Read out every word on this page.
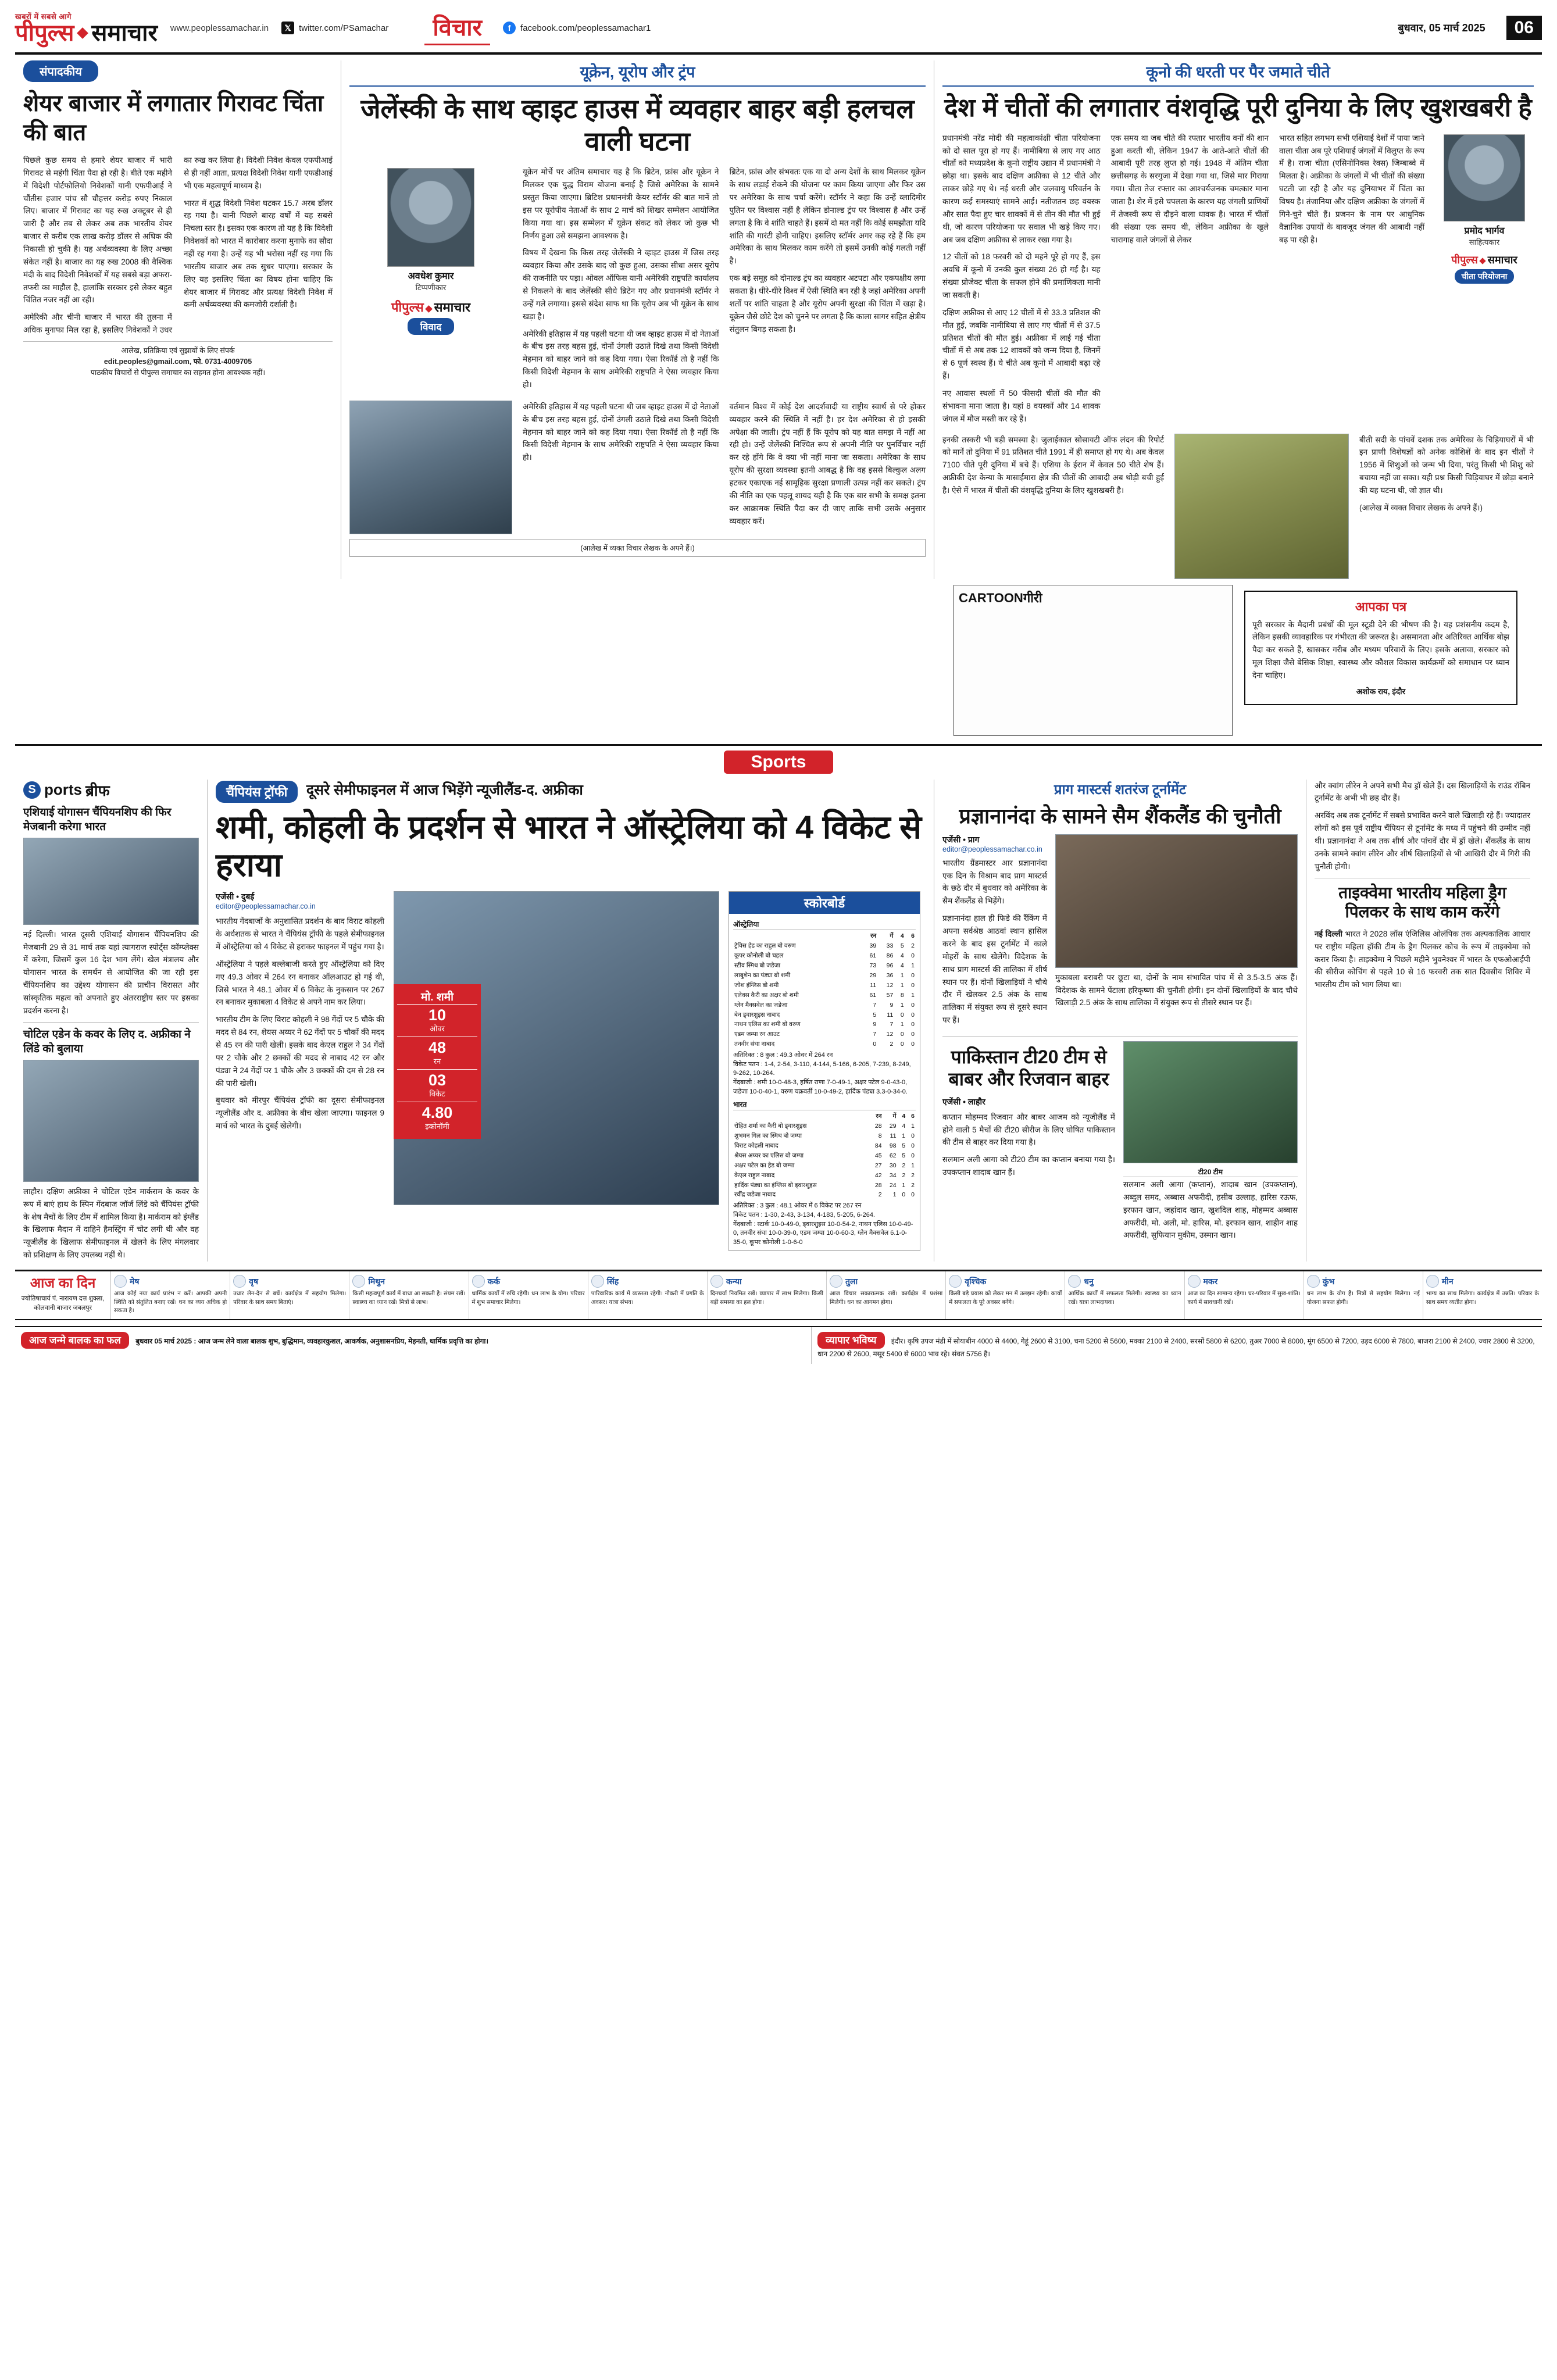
खबरों में सबसे आगे
पीपुल्स समाचार www.peoplessamachar.in	𝕏 twitter.com/PSamachar	विचार	f	facebook.com/peoplessamachar1	बुधवार, 05 मार्च 2025	06
संपादकीय
शेयर बाजार में लगातार गिरावट चिंता की बात

पिछले कुछ समय से हमारे शेयर बाजार में भारी गिरावट से महंगी चिंता पैदा हो रही है। बीते एक महीने में विदेशी पोर्टफोलियो निवेशकों यानी एफपीआई ने चौंतीस हजार पांच सौ चौहत्तर करोड़ रुपए निकाल लिए। बाजार में गिरावट का यह रुख अक्टूबर से ही जारी है और तब से लेकर अब तक भारतीय शेयर बाजार से करीब एक लाख करोड़ डॉलर से अधिक की निकासी हो चुकी है। यह अर्थव्यवस्था के लिए अच्छा संकेत नहीं है। बाजार का यह रुख 2008 की वैश्विक मंदी के बाद विदेशी निवेशकों में यह सबसे बड़ा अफरा-तफरी का माहौल है, हालांकि सरकार इसे लेकर बहुत चिंतित नजर नहीं आ रही।

अमेरिकी और चीनी बाजार में भारत की तुलना में अधिक मुनाफा मिल रहा है, इसलिए निवेशकों ने उधर का रुख कर लिया है। विदेशी निवेश केवल एफपीआई से ही नहीं आता, प्रत्यक्ष विदेशी निवेश यानी एफडीआई भी एक महत्वपूर्ण माध्यम है।

भारत में शुद्ध विदेशी निवेश घटकर 15.7 अरब डॉलर रह गया है। यानी पिछले बारह वर्षों में यह सबसे निचला स्तर है। इसका एक कारण तो यह है कि विदेशी निवेशकों को भारत में कारोबार करना मुनाफे का सौदा नहीं रह गया है। उन्हें यह भी भरोसा नहीं रह गया कि भारतीय बाजार अब तक सुधर पाएगा। सरकार के लिए यह इसलिए चिंता का विषय होना चाहिए कि शेयर बाजार में गिरावट और प्रत्यक्ष विदेशी निवेश में कमी अर्थव्यवस्था की कमजोरी दर्शाती है।

आलेख, प्रतिक्रिया एवं सुझावों के लिए संपर्क
edit.peoples@gmail.com, फो. 0731-4009705
पाठकीय विचारों से पीपुल्स समाचार का सहमत होना आवश्यक नहीं।
यूक्रेन, यूरोप और ट्रंप
जेलेंस्की के साथ व्हाइट हाउस में व्यवहार बाहर बड़ी हलचल वाली घटना
अवधेश कुमार
टिप्पणीकार
पीपुल्स समाचार
विवाद

यूक्रेन मोर्चे पर अंतिम समाचार यह है कि ब्रिटेन, फ्रांस और यूक्रेन ने मिलकर एक युद्ध विराम योजना बनाई है जिसे अमेरिका के सामने प्रस्तुत किया जाएगा। ब्रिटिश प्रधानमंत्री केयर स्टॉर्मर की बात मानें तो इस पर यूरोपीय नेताओं के साथ 2 मार्च को शिखर सम्मेलन आयोजित किया गया था। इस सम्मेलन में यूक्रेन संकट को लेकर जो कुछ भी निर्णय हुआ उसे समझना आवश्यक है।

विषय में देखना कि किस तरह जेलेंस्की ने व्हाइट हाउस में जिस तरह व्यवहार किया और उसके बाद जो कुछ हुआ, उसका सीधा असर यूरोप की राजनीति पर पड़ा। ओवल ऑफिस यानी अमेरिकी राष्ट्रपति कार्यालय से निकलने के बाद जेलेंस्की सीधे ब्रिटेन गए और प्रधानमंत्री स्टॉर्मर ने उन्हें गले लगाया। इससे संदेश साफ था कि यूरोप अब भी यूक्रेन के साथ खड़ा है।

अमेरिकी इतिहास में यह पहली घटना थी जब व्हाइट हाउस में दो नेताओं के बीच इस तरह बहस हुई, दोनों उंगली उठाते दिखे तथा किसी विदेशी मेहमान को बाहर जाने को कह दिया गया। ऐसा रिकॉर्ड तो है नहीं कि किसी विदेशी मेहमान के साथ अमेरिकी राष्ट्रपति ने ऐसा व्यवहार किया हो।

ब्रिटेन, फ्रांस और संभवतः एक या दो अन्य देशों के साथ मिलकर यूक्रेन के साथ लड़ाई रोकने की योजना पर काम किया जाएगा और फिर उस पर अमेरिका के साथ चर्चा करेंगे। स्टॉर्मर ने कहा कि उन्हें व्लादिमीर पुतिन पर विश्वास नहीं है लेकिन डोनाल्ड ट्रंप पर विश्वास है और उन्हें लगता है कि वे शांति चाहते हैं। इसमें दो मत नहीं कि कोई समझौता यदि शांति की गारंटी होनी चाहिए। इसलिए स्टॉर्मर अगर कह रहे हैं कि हम अमेरिका के साथ मिलकर काम करेंगे तो इसमें उनकी कोई गलती नहीं है।

एक बड़े समूह को दोनाल्ड ट्रंप का व्यवहार अटपटा और एकपक्षीय लगा सकता है। धीरे-धीरे विश्व में ऐसी स्थिति बन रही है जहां अमेरिका अपनी शर्तों पर शांति चाहता है और यूरोप अपनी सुरक्षा की चिंता में खड़ा है। यूक्रेन जैसे छोटे देश को चुनने पर लगता है कि काला सागर सहित क्षेत्रीय संतुलन बिगड़ सकता है।

अमेरिकी इतिहास में यह पहली घटना थी जब व्हाइट हाउस में दो नेताओं के बीच इस तरह बहस हुई, दोनों उंगली उठाते दिखे तथा किसी विदेशी मेहमान को बाहर जाने को कह दिया गया। ऐसा रिकॉर्ड तो है नहीं कि किसी विदेशी मेहमान के साथ अमेरिकी राष्ट्रपति ने ऐसा व्यवहार किया हो।

वर्तमान विश्व में कोई देश आदर्शवादी या राष्ट्रीय स्वार्थ से परे होकर व्यवहार करने की स्थिति में नहीं है। हर देश अमेरिका से हो इसकी अपेक्षा की जाती। ट्रंप नहीं हैं कि यूरोप को यह बात समझ में नहीं आ रही हो। उन्हें जेलेंस्की निश्चित रूप से अपनी नीति पर पुनर्विचार नहीं कर रहे होंगे कि वे क्या भी नहीं माना जा सकता। अमेरिका के साथ यूरोप की सुरक्षा व्यवस्था इतनी आबद्ध है कि वह इससे बिल्कुल अलग हटकर एकाएक नई सामूहिक सुरक्षा प्रणाली उत्पन्न नहीं कर सकते। ट्रंप की नीति का एक पहलू शायद यही है कि एक बार सभी के समक्ष इतना कर आक्रामक स्थिति पैदा कर दी जाए ताकि सभी उसके अनुसार व्यवहार करें।

(आलेख में व्यक्त विचार लेखक के अपने हैं।)
कूनो की धरती पर पैर जमाते चीते
देश में चीतों की लगातार वंशवृद्धि पूरी दुनिया के लिए खुशखबरी है

प्रधानमंत्री नरेंद्र मोदी की महत्वाकांक्षी चीता परियोजना को दो साल पूरा हो गए हैं। नामीबिया से लाए गए आठ चीतों को मध्यप्रदेश के कूनो राष्ट्रीय उद्यान में प्रधानमंत्री ने छोड़ा था। इसके बाद दक्षिण अफ्रीका से 12 चीते और लाकर छोड़े गए थे। नई धरती और जलवायु परिवर्तन के कारण कई समस्याएं सामने आईं। नतीजतन छह वयस्क और सात पैदा हुए चार शावकों में से तीन की मौत भी हुई थी, जो कारण परियोजना पर सवाल भी खड़े किए गए। अब जब दक्षिण अफ्रीका से लाकर रखा गया है।

12 चीतों को 18 फरवरी को दो महने पूरे हो गए हैं, इस अवधि में कूनो में उनकी कुल संख्या 26 हो गई है। यह संख्या प्रोजेक्ट चीता के सफल होने की प्रमाणिकता मानी जा सकती है।

दक्षिण अफ्रीका से आए 12 चीतों में से 33.3 प्रतिशत की मौत हुई, जबकि नामीबिया से लाए गए चीतों में से 37.5 प्रतिशत चीतों की मौत हुई। अफ्रीका में लाई गई चीता चीतों में से अब तक 12 शावकों को जन्म दिया है, जिनमें से 6 पूर्ण स्वस्थ हैं। ये चीते अब कूनो में आबादी बढ़ा रहे हैं।

नए आवास स्थलों में 50 फीसदी चीतों की मौत की संभावना माना जाता है। यहां 8 वयस्कों और 14 शावक जंगल में मौज मस्ती कर रहे हैं।

एक समय था जब चीते की रफ्तार भारतीय वनों की शान हुआ करती थी, लेकिन 1947 के आते-आते चीतों की आबादी पूरी तरह लुप्त हो गई। 1948 में अंतिम चीता छत्तीसगढ़ के सरगुजा में देखा गया था, जिसे मार गिराया गया। चीता तेज रफ्तार का आश्चर्यजनक चमत्कार माना जाता है। शेर में इसे चपलता के कारण यह जंगली प्राणियों में तेजस्वी रूप से दौड़ने वाला धावक है। भारत में चीतों की संख्या एक समय थी, लेकिन अफ्रीका के खुले चारागाह वाले जंगलों से लेकर

भारत सहित लगभग सभी एशियाई देशों में पाया जाने वाला चीता अब पूरे एशियाई जंगलों में विलुप्त के रूप में है। राजा चीता (एसिनोनिक्स रेक्स) जिम्बाब्वे में मिलता है। अफ्रीका के जंगलों में भी चीतों की संख्या घटती जा रही है और यह दुनियाभर में चिंता का विषय है। तंजानिया और दक्षिण अफ्रीका के जंगलों में गिने-चुने चीते हैं। प्रजनन के नाम पर आधुनिक वैज्ञानिक उपायों के बावजूद जंगल की आबादी नहीं बढ़ पा रही है।

प्रमोद भार्गव
साहित्यकार
पीपुल्स समाचार
चीता परियोजना

इनकी तस्करी भी बड़ी समस्या है। जुलाईकाल सोसायटी ऑफ लंदन की रिपोर्ट को मानें तो दुनिया में 91 प्रतिशत चीते 1991 में ही समाप्त हो गए थे। अब केवल 7100 चीते पूरी दुनिया में बचे हैं। एशिया के ईरान में केवल 50 चीते शेष हैं। अफ्रीकी देश केन्या के मासाईमारा क्षेत्र की चीतों की आबादी अब थोड़ी बची हुई है। ऐसे में भारत में चीतों की वंशवृद्धि दुनिया के लिए खुशखबरी है।

बीती सदी के पांचवें दशक तक अमेरिका के चिड़ियाघरों में भी इन प्राणी विशेषज्ञों को अनेक कोशिशें के बाद इन चीतों ने 1956 में शिशुओं को जन्म भी दिया, परंतु किसी भी शिशु को बचाया नहीं जा सका। यही प्रश्न किसी चिड़ियाघर में छोड़ा बनाने की यह घटना थी, जो ज्ञात थी।

(आलेख में व्यक्त विचार लेखक के अपने हैं।)

CARTOONगीरी
आपका पत्र
पूरी सरकार के मैदानी प्रबंधों की मूल स्टूडी देने की भीषण की है। यह प्रशंसनीय कदम है, लेकिन इसकी व्यावहारिक पर गंभीरता की जरूरत है। असमानता और अतिरिक्त आर्थिक बोझ पैदा कर सकते हैं, खासकर गरीब और मध्यम परिवारों के लिए। इसके अलावा, सरकार को मूल शिक्षा जैसे बेसिक शिक्षा, स्वास्थ्य और कौशल विकास कार्यक्रमों को समाधान पर ध्यान देना चाहिए।
अशोक राय, इंदौर
Sports
S ports ब्रीफ
एशियाई योगासन चैंपियनशिप की फिर मेजबानी करेगा भारत
नई दिल्ली। भारत दूसरी एशियाई योगासन चैंपियनशिप की मेजबानी 29 से 31 मार्च तक यहां त्यागराज स्पोर्ट्स कॉम्प्लेक्स में करेगा, जिसमें कुल 16 देश भाग लेंगे। खेल मंत्रालय और योगासन भारत के समर्थन से आयोजित की जा रही इस चैंपियनशिप का उद्देश्य योगासन की प्राचीन विरासत और सांस्कृतिक महत्व को अपनाते हुए अंतरराष्ट्रीय स्तर पर इसका प्रदर्शन करना है।
चोटिल एडेन के कवर के लिए द. अफ्रीका ने लिंडे को बुलाया
लाहौर। दक्षिण अफ्रीका ने चोटिल एडेन मार्कराम के कवर के रूप में बाएं हाथ के स्पिन गेंदबाज जॉर्ज लिंडे को चैंपियंस ट्रॉफी के शेष मैचों के लिए टीम में शामिल किया है। मार्कराम को इंग्लैंड के खिलाफ मैदान में दाहिने हैमस्ट्रिंग में चोट लगी थी और वह न्यूजीलैंड के खिलाफ सेमीफाइनल में खेलने के लिए मंगलवार को प्रशिक्षण के लिए उपलब्ध नहीं थे।
चैंपियंस ट्रॉफी दूसरे सेमीफाइनल में आज भिड़ेंगे न्यूजीलैंड-द. अफ्रीका
शमी, कोहली के प्रदर्शन से भारत ने ऑस्ट्रेलिया को 4 विकेट से हराया
एजेंसी • दुबई
editor@peoplessamachar.co.in

भारतीय गेंदबाजों के अनुशासित प्रदर्शन के बाद विराट कोहली के अर्धशतक से भारत ने चैंपियंस ट्रॉफी के पहले सेमीफाइनल में ऑस्ट्रेलिया को 4 विकेट से हराकर फाइनल में पहुंच गया है।

ऑस्ट्रेलिया ने पहले बल्लेबाजी करते हुए ऑस्ट्रेलिया को दिए गए 49.3 ओवर में 264 रन बनाकर ऑलआउट हो गई थी, जिसे भारत ने 48.1 ओवर में 6 विकेट के नुकसान पर 267 रन बनाकर मुकाबला 4 विकेट से अपने नाम कर लिया।

भारतीय टीम के लिए विराट कोहली ने 98 गेंदों पर 5 चौके की मदद से 84 रन, शेयस अय्यर ने 62 गेंदों पर 5 चौकों की मदद से 45 रन की पारी खेली। इसके बाद केएल राहुल ने 34 गेंदों पर 2 चौके और 2 छक्कों की मदद से नाबाद 42 रन और पंड्या ने 24 गेंदों पर 1 चौके और 3 छक्कों की दम से 28 रन की पारी खेली।

बुधवार को मीरपुर चैंपियंस ट्रॉफी का दूसरा सेमीफाइनल न्यूजीलैंड और द. अफ्रीका के बीच खेला जाएगा। फाइनल 9 मार्च को भारत के दुबई खेलेगी।

मो. शमी
10
ओवर
48
रन
03
विकेट
4.80
इकोनॉमी
स्कोरबोर्ड
ऑस्ट्रेलिया
	रन	गें	4	6
ट्रेविस हेड का राहुल बो वरुण	39	33	5	2
कूपर कोनोली बो चहल	61	86	4	0
स्टीव स्मिथ बो जडेजा	73	96	4	1
लाबुशेन का पंड्या बो शमी	29	36	1	0
जोश इंग्लिस बो शमी	11	12	1	0
एलेक्स कैरी का अक्षर बो शमी	61	57	8	1
ग्लेन मैक्सवेल का जडेजा	7	9	1	0
बेन ड्वारशुइस नाबाद	5	11	0	0
नाथन एलिस का शमी बो वरुण	9	7	1	0
एडम जम्पा रन आउट	7	12	0	0
तनवीर संघा नाबाद	0	2	0	0
अतिरिक्त : 8 कुल : 49.3 ओवर में 264 रन
विकेट पतन : 1-4, 2-54, 3-110, 4-144, 5-166, 6-205, 7-239, 8-249, 9-262, 10-264.
गेंदबाजी : शमी 10-0-48-3, हर्षित राणा 7-0-49-1, अक्षर पटेल 9-0-43-0, जडेजा 10-0-40-1, वरुण चक्रवर्ती 10-0-49-2, हार्दिक पंड्या 3.3-0-34-0.
भारत
	रन	गें	4	6
रोहित शर्मा का कैरी बो ड्वारशुइस	28	29	4	1
शुभमन गिल का स्मिथ बो जम्पा	8	11	1	0
विराट कोहली नाबाद	84	98	5	0
श्रेयस अय्यर का एलिस बो जम्पा	45	62	5	0
अक्षर पटेल का हेड बो जम्पा	27	30	2	1
केएल राहुल नाबाद	42	34	2	2
हार्दिक पंड्या का इंग्लिस बो ड्वारशुइस	28	24	1	2
रवींद्र जडेजा नाबाद	2	1	0	0
अतिरिक्त : 3 कुल : 48.1 ओवर में 6 विकेट पर 267 रन
विकेट पतन : 1-30, 2-43, 3-134, 4-183, 5-205, 6-264.
गेंदबाजी : स्टार्क 10-0-49-0, ड्वारशुइस 10-0-54-2, नाथन एलिस 10-0-49-0, तनवीर संघा 10-0-39-0, एडम जम्पा 10-0-60-3, ग्लेन मैक्सवेल 6.1-0-35-0, कूपर कोनोली 1-0-6-0
प्राग मास्टर्स शतरंज टूर्नामेंट
प्रज्ञानानंदा के सामने सैम शैंकलैंड की चुनौती
एजेंसी • प्राग
editor@peoplessamachar.co.in

भारतीय ग्रैंडमास्टर आर प्रज्ञानानंदा एक दिन के विश्राम बाद प्राग मास्टर्स के छठे दौर में बुधवार को अमेरिका के सैम शैंकलैंड से भिड़ेंगे।

प्रज्ञानानंदा हाल ही फिडे की रैंकिंग में अपना सर्वश्रेष्ठ आठवां स्थान हासिल करने के बाद इस टूर्नामेंट में काले मोहरों के साथ खेलेंगे। विदेशक के साथ प्राग मास्टर्स की तालिका में शीर्ष स्थान पर हैं। दोनों खिलाड़ियों ने चौथे दौर में खेलकर 2.5 अंक के साथ तालिका में संयुक्त रूप से दूसरे स्थान पर हैं।

मुकाबला बराबरी पर छूटा था, दोनों के नाम संभावित पांच में से 3.5-3.5 अंक हैं। विदेशक के सामने पेंटाला हरिकृष्णा की चुनौती होगी। इन दोनों खिलाड़ियों के बाद चौथे खिलाड़ी 2.5 अंक के साथ तालिका में संयुक्त रूप से तीसरे स्थान पर हैं।

पाकिस्तान टी20 टीम से बाबर और रिजवान बाहर
एजेंसी • लाहौर

कप्तान मोहम्मद रिजवान और बाबर आजम को न्यूजीलैंड में होने वाली 5 मैचों की टी20 सीरीज के लिए घोषित पाकिस्तान की टीम से बाहर कर दिया गया है।

सलमान अली आगा को टी20 टीम का कप्तान बनाया गया है। उपकप्तान शादाब खान हैं।	टी20 टीम
सलमान अली आगा (कप्तान), शादाब खान (उपकप्तान), अब्दुल समद, अब्बास अफरीदी, हसीब उल्लाह, हारिस रऊफ, इरफान खान, जहांदाद खान, खुशदिल शाह, मोहम्मद अब्बास अफरीदी, मो. अली, मो. हारिस, मो. इरफान खान, शाहीन शाह अफरीदी, सुफियान मुकीम, उस्मान खान।

और क्वांग लीरेन ने अपने सभी मैच ड्रॉ खेले हैं। दस खिलाड़ियों के राउंड रॉबिन टूर्नामेंट के अभी भी छह दौर हैं।

अरविंद अब तक टूर्नामेंट में सबसे प्रभावित करने वाले खिलाड़ी रहे हैं। ज्यादातर लोगों को इस पूर्व राष्ट्रीय चैंपियन से टूर्नामेंट के मध्य में पहुंचने की उम्मीद नहीं थी। प्रज्ञानानंदा ने अब तक शीर्ष और पांचवें दौर में ड्रॉ खेले। शैंकलैंड के साथ उनके सामने क्वांग लीरेन और शीर्ष खिलाड़ियों से भी आखिरी दौर में गिरी की चुनौती होगी।

ताइक्वेमा भारतीय महिला ड्रैग पिलकर के साथ काम करेंगे
नई दिल्ली भारत ने 2028 लॉस एंजिलिस ओलंपिक तक अल्पकालिक आधार पर राष्ट्रीय महिला हॉकी टीम के ड्रैग पिलकर कोच के रूप में ताइक्वेमा को करार किया है। ताइक्वेमा ने पिछले महीने भुवनेश्वर में भारत के एफओआईपी की सीरीज कोचिंग से पहले 10 से 16 फरवरी तक सात दिवसीय शिविर में भारतीय टीम को भाग लिया था।
आज का दिन
ज्योतिषाचार्य पं. नारायण दत्त शुक्ला, कोलवानी बाजार जबलपुर
मेष
आज कोई नया कार्य प्रारंभ न करें। आपकी अपनी स्थिति को संतुलित बनाए रखें। धन का व्यय अधिक हो सकता है।
वृष
उधार लेन-देन से बचें। कार्यक्षेत्र में सहयोग मिलेगा। परिवार के साथ समय बिताएं।
मिथुन
किसी महत्वपूर्ण कार्य में बाधा आ सकती है। संयम रखें। स्वास्थ्य का ध्यान रखें। मित्रों से लाभ।
कर्क
धार्मिक कार्यों में रुचि रहेगी। धन लाभ के योग। परिवार में शुभ समाचार मिलेगा।
सिंह
पारिवारिक कार्य में व्यस्तता रहेगी। नौकरी में प्रगति के अवसर। यात्रा संभव।
कन्या
दिनचर्या नियमित रखें। व्यापार में लाभ मिलेगा। किसी बड़ी समस्या का हल होगा।
तुला
आज विचार सकारात्मक रखें। कार्यक्षेत्र में प्रशंसा मिलेगी। धन का आगमन होगा।
वृश्चिक
किसी बड़े प्रयास को लेकर मन में उलझन रहेगी। कार्यों में सफलता के पूरे अवसर बनेंगे।
धनु
आर्थिक कार्यों में सफलता मिलेगी। स्वास्थ्य का ध्यान रखें। यात्रा लाभदायक।
मकर
आज का दिन सामान्य रहेगा। घर-परिवार में सुख-शांति। कार्य में सावधानी रखें।
कुंभ
धन लाभ के योग हैं। मित्रों से सहयोग मिलेगा। नई योजना सफल होगी।
मीन
भाग्य का साथ मिलेगा। कार्यक्षेत्र में उन्नति। परिवार के साथ समय व्यतीत होगा।
आज जन्मे बालक का फल बुधवार 05 मार्च 2025 : आज जन्म लेने वाला बालक शुभ, बुद्धिमान, व्यवहारकुशल, आकर्षक, अनुशासनप्रिय, मेहनती, धार्मिक प्रवृत्ति का होगा।	व्यापार भविष्य इंदौर। कृषि उपज मंडी में सोयाबीन 4000 से 4400, गेहूं 2600 से 3100, चना 5200 से 5600, मक्का 2100 से 2400, सरसों 5800 से 6200, तुअर 7000 से 8000, मूंग 6500 से 7200, उड़द 6000 से 7800, बाजरा 2100 से 2400, ज्वार 2800 से 3200, धान 2200 से 2600, मसूर 5400 से 6000 भाव रहे। संवत 5756 है।
